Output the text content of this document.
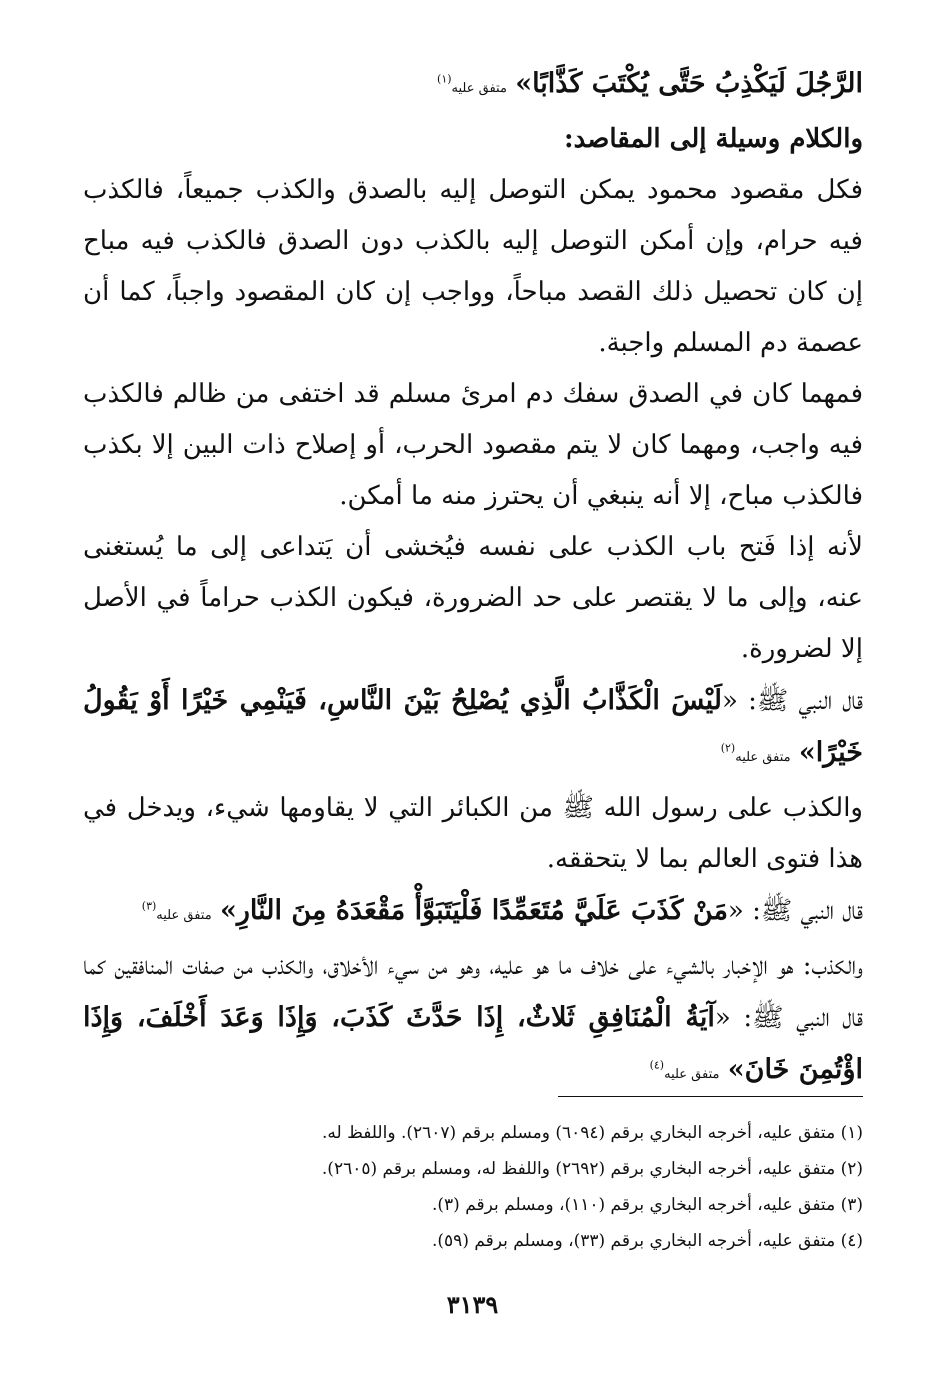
الرَّجُلَ لَيَكْذِبُ حَتَّى يُكْتَبَ كَذَّابًا» متفق عليه$^{(١)}$

والكلام وسيلة إلى المقاصد:

فكل مقصود محمود يمكن التوصل إليه بالصدق والكذب جميعاً، فالكذب فيه حرام، وإن أمكن التوصل إليه بالكذب دون الصدق فالكذب فيه مباح إن كان تحصيل ذلك القصد مباحاً، وواجب إن كان المقصود واجباً، كما أن عصمة دم المسلم واجبة.

فمهما كان في الصدق سفك دم امرئ مسلم قد اختفى من ظالم فالكذب فيه واجب، ومهما كان لا يتم مقصود الحرب، أو إصلاح ذات البين إلا بكذب فالكذب مباح، إلا أنه ينبغي أن يحترز منه ما أمكن.

لأنه إذا فَتح باب الكذب على نفسه فيُخشى أن يَتداعى إلى ما يُستغنى عنه، وإلى ما لا يقتصر على حد الضرورة، فيكون الكذب حراماً في الأصل إلا لضرورة.

قال النبي ﷺ: «لَيْسَ الْكَذَّابُ الَّذِي يُصْلِحُ بَيْنَ النَّاسِ، فَيَنْمِي خَيْرًا أَوْ يَقُولُ خَيْرًا» متفق عليه$^{(٢)}$

والكذب على رسول الله ﷺ من الكبائر التي لا يقاومها شيء، ويدخل في هذا فتوى العالم بما لا يتحققه.

قال النبي ﷺ: «مَنْ كَذَبَ عَلَيَّ مُتَعَمِّدًا فَلْيَتَبَوَّأْ مَقْعَدَهُ مِنَ النَّارِ» متفق عليه$^{(٣)}$

والكذب: هو الإخبار بالشيء على خلاف ما هو عليه، وهو من سيء الأخلاق، والكذب من صفات المنافقين كما قال النبي ﷺ: «آيَةُ الْمُنَافِقِ ثَلاثٌ، إِذَا حَدَّثَ كَذَبَ، وَإِذَا وَعَدَ أَخْلَفَ، وَإِذَا اؤْتُمِنَ خَانَ» متفق عليه$^{(٤)}$

(١) متفق عليه، أخرجه البخاري برقم (٦٠٩٤) ومسلم برقم (٢٦٠٧). واللفظ له.
(٢) متفق عليه، أخرجه البخاري برقم (٢٦٩٢) واللفظ له، ومسلم برقم (٢٦٠٥).
(٣) متفق عليه، أخرجه البخاري برقم (١١٠)، ومسلم برقم (٣).
(٤) متفق عليه، أخرجه البخاري برقم (٣٣)، ومسلم برقم (٥٩).
٣١٣٩
